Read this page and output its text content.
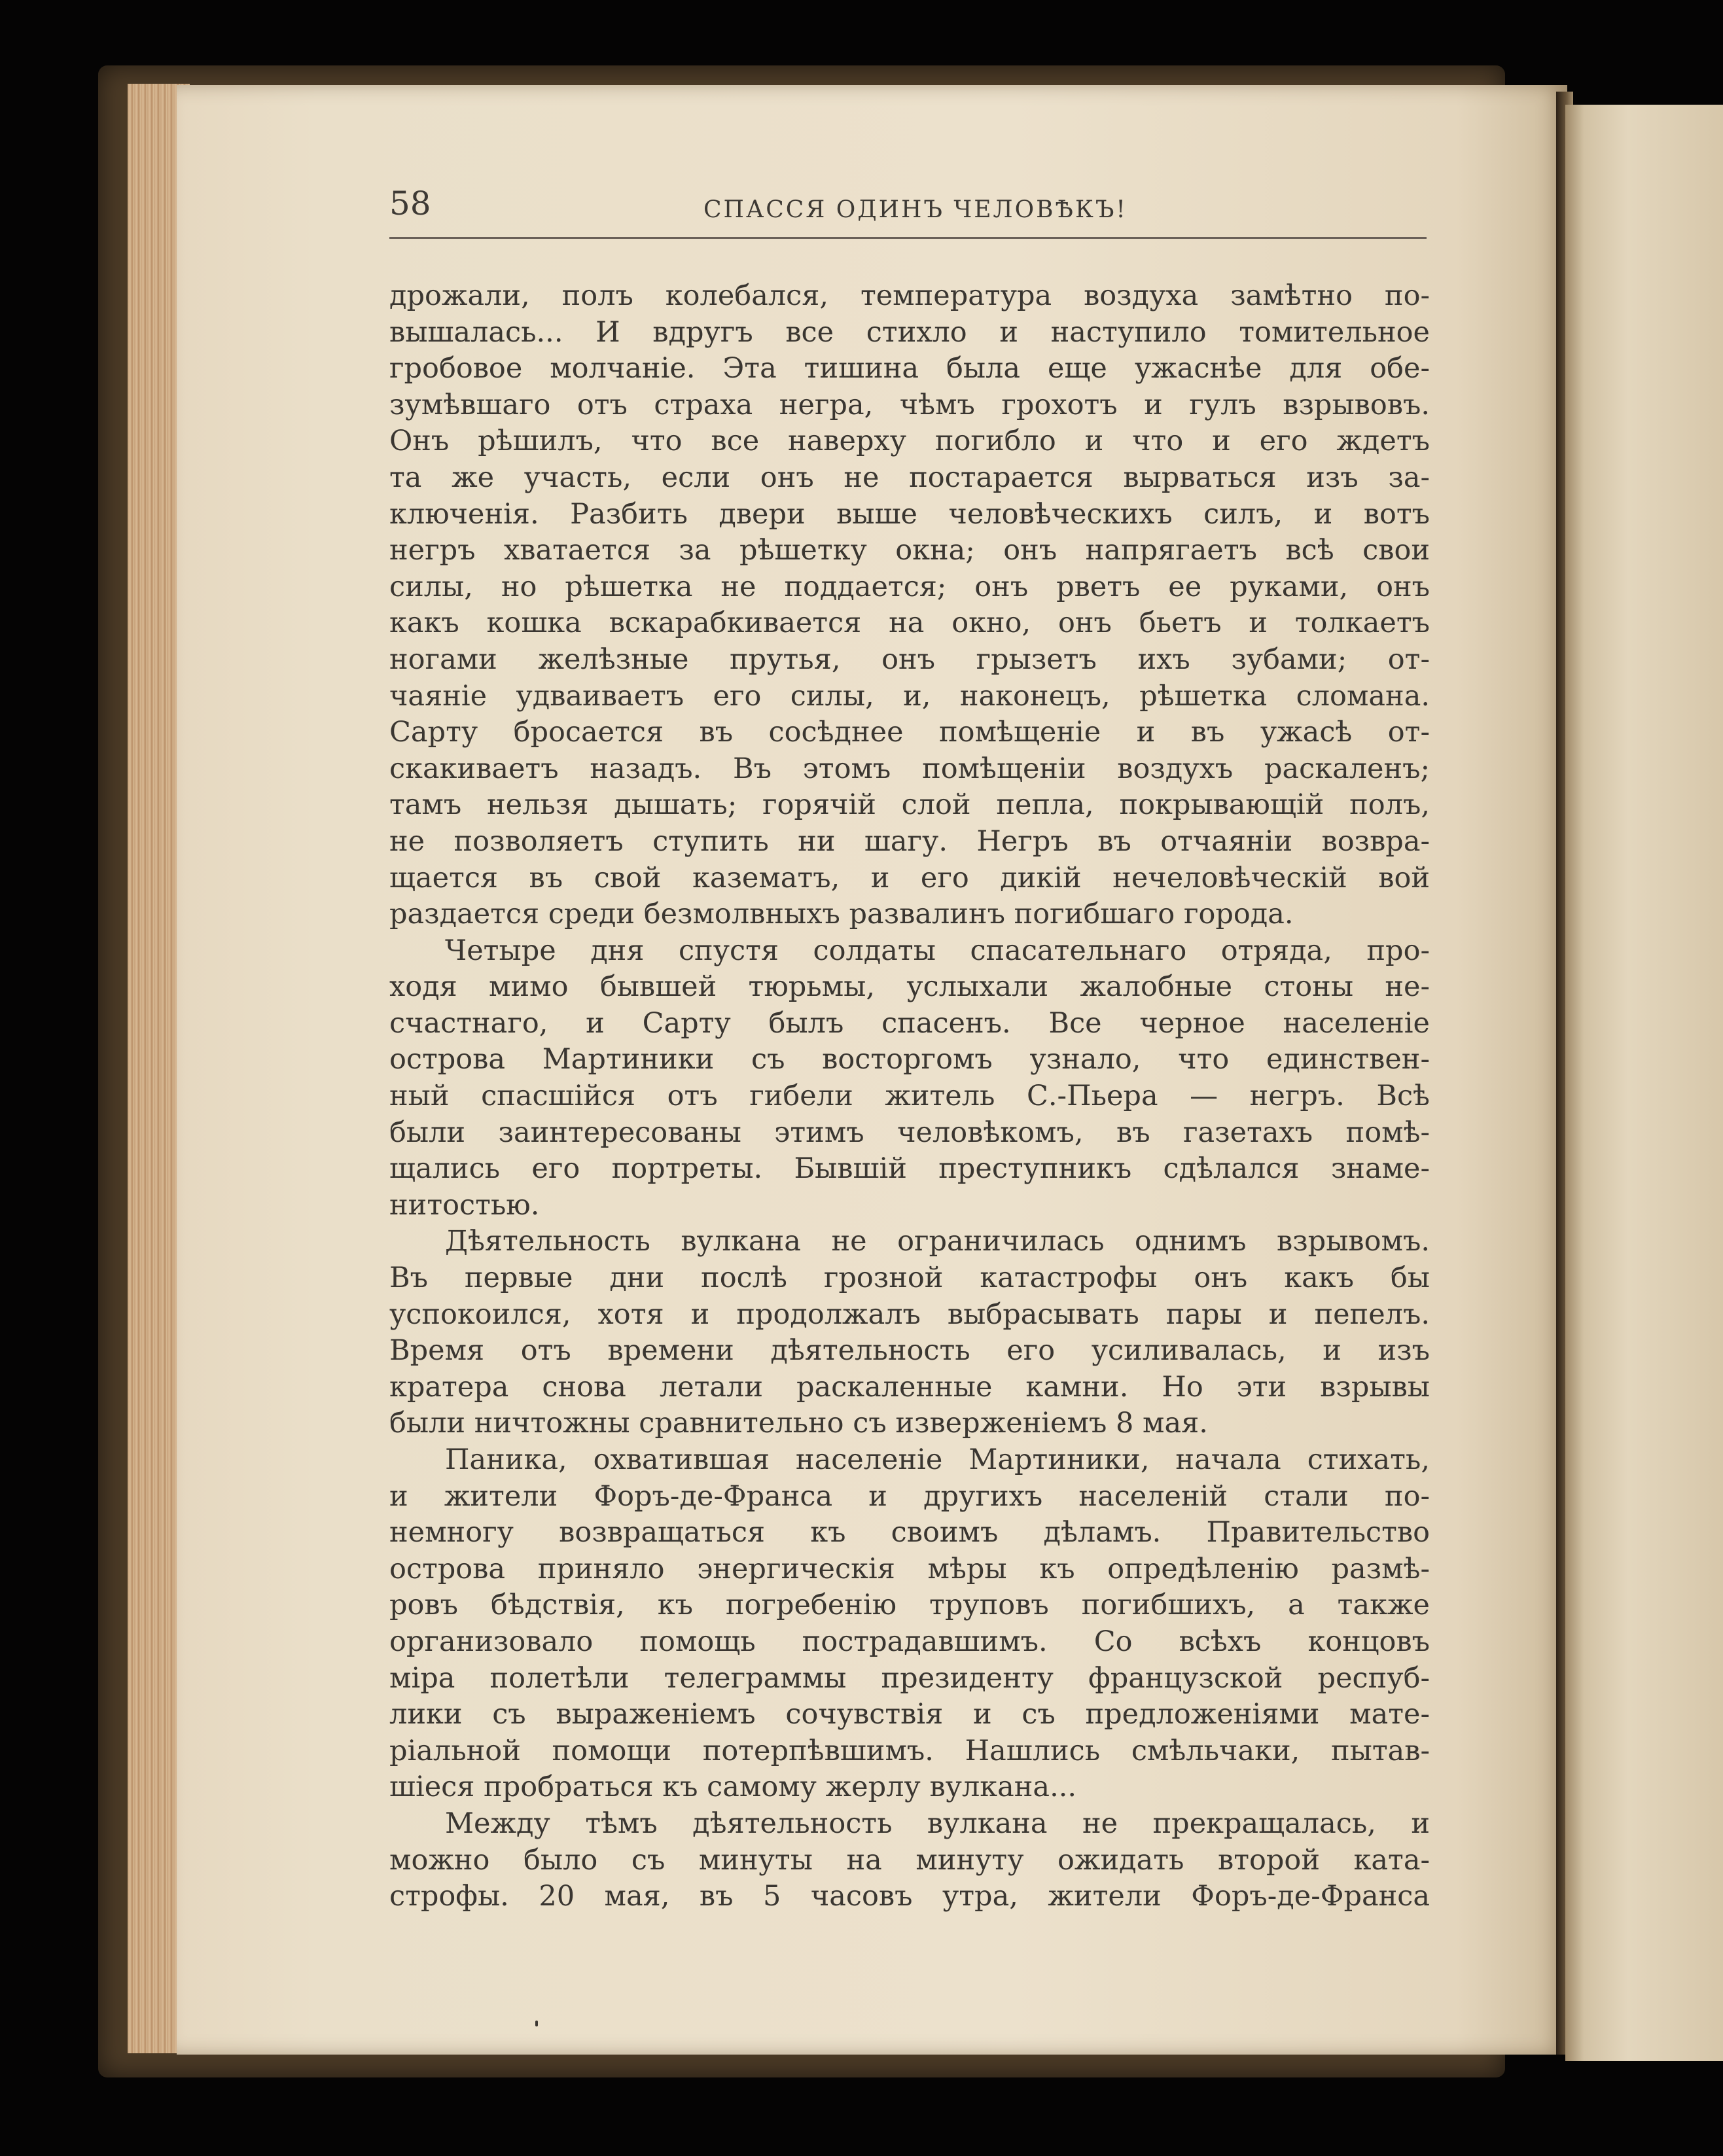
58	СПАССЯ ОДИНЪ ЧЕЛОВѢКЪ!
дрожали, полъ колебался, температура воздуха замѣтно по-
вышалась... И вдругъ все стихло и наступило томительное
гробовое молчаніе. Эта тишина была еще ужаснѣе для обе-
зумѣвшаго отъ страха негра, чѣмъ грохотъ и гулъ взрывовъ.
Онъ рѣшилъ, что все наверху погибло и что и его ждетъ
та же участь, если онъ не постарается вырваться изъ за-
ключенія. Разбить двери выше человѣческихъ силъ, и вотъ
негръ хватается за рѣшетку окна; онъ напрягаетъ всѣ свои
силы, но рѣшетка не поддается; онъ рветъ ее руками, онъ
какъ кошка вскарабкивается на окно, онъ бьетъ и толкаетъ
ногами желѣзные прутья, онъ грызетъ ихъ зубами; от-
чаяніе удваиваетъ его силы, и, наконецъ, рѣшетка сломана.
Сарту бросается въ сосѣднее помѣщеніе и въ ужасѣ от-
скакиваетъ назадъ. Въ этомъ помѣщеніи воздухъ раскаленъ;
тамъ нельзя дышать; горячій слой пепла, покрывающій полъ,
не позволяетъ ступить ни шагу. Негръ въ отчаяніи возвра-
щается въ свой казематъ, и его дикій нечеловѣческій вой
раздается среди безмолвныхъ развалинъ погибшаго города.
Четыре дня спустя солдаты спасательнаго отряда, про-
ходя мимо бывшей тюрьмы, услыхали жалобные стоны не-
счастнаго, и Сарту былъ спасенъ. Все черное населеніе
острова Мартиники съ восторгомъ узнало, что единствен-
ный спасшійся отъ гибели житель С.-Пьера — негръ. Всѣ
были заинтересованы этимъ человѣкомъ, въ газетахъ помѣ-
щались его портреты. Бывшій преступникъ сдѣлался знаме-
нитостью.
Дѣятельность вулкана не ограничилась однимъ взрывомъ.
Въ первые дни послѣ грозной катастрофы онъ какъ бы
успокоился, хотя и продолжалъ выбрасывать пары и пепелъ.
Время отъ времени дѣятельность его усиливалась, и изъ
кратера снова летали раскаленные камни. Но эти взрывы
были ничтожны сравнительно съ изверженіемъ 8 мая.
Паника, охватившая населеніе Мартиники, начала стихать,
и жители Форъ-де-Франса и другихъ населеній стали по-
немногу возвращаться къ своимъ дѣламъ. Правительство
острова приняло энергическія мѣры къ опредѣленію размѣ-
ровъ бѣдствія, къ погребенію труповъ погибшихъ, а также
организовало помощь пострадавшимъ. Со всѣхъ концовъ
міра полетѣли телеграммы президенту французской респуб-
лики съ выраженіемъ сочувствія и съ предложеніями мате-
ріальной помощи потерпѣвшимъ. Нашлись смѣльчаки, пытав-
шіеся пробраться къ самому жерлу вулкана...
Между тѣмъ дѣятельность вулкана не прекращалась, и
можно было съ минуты на минуту ожидать второй ката-
строфы. 20 мая, въ 5 часовъ утра, жители Форъ-де-Франса
